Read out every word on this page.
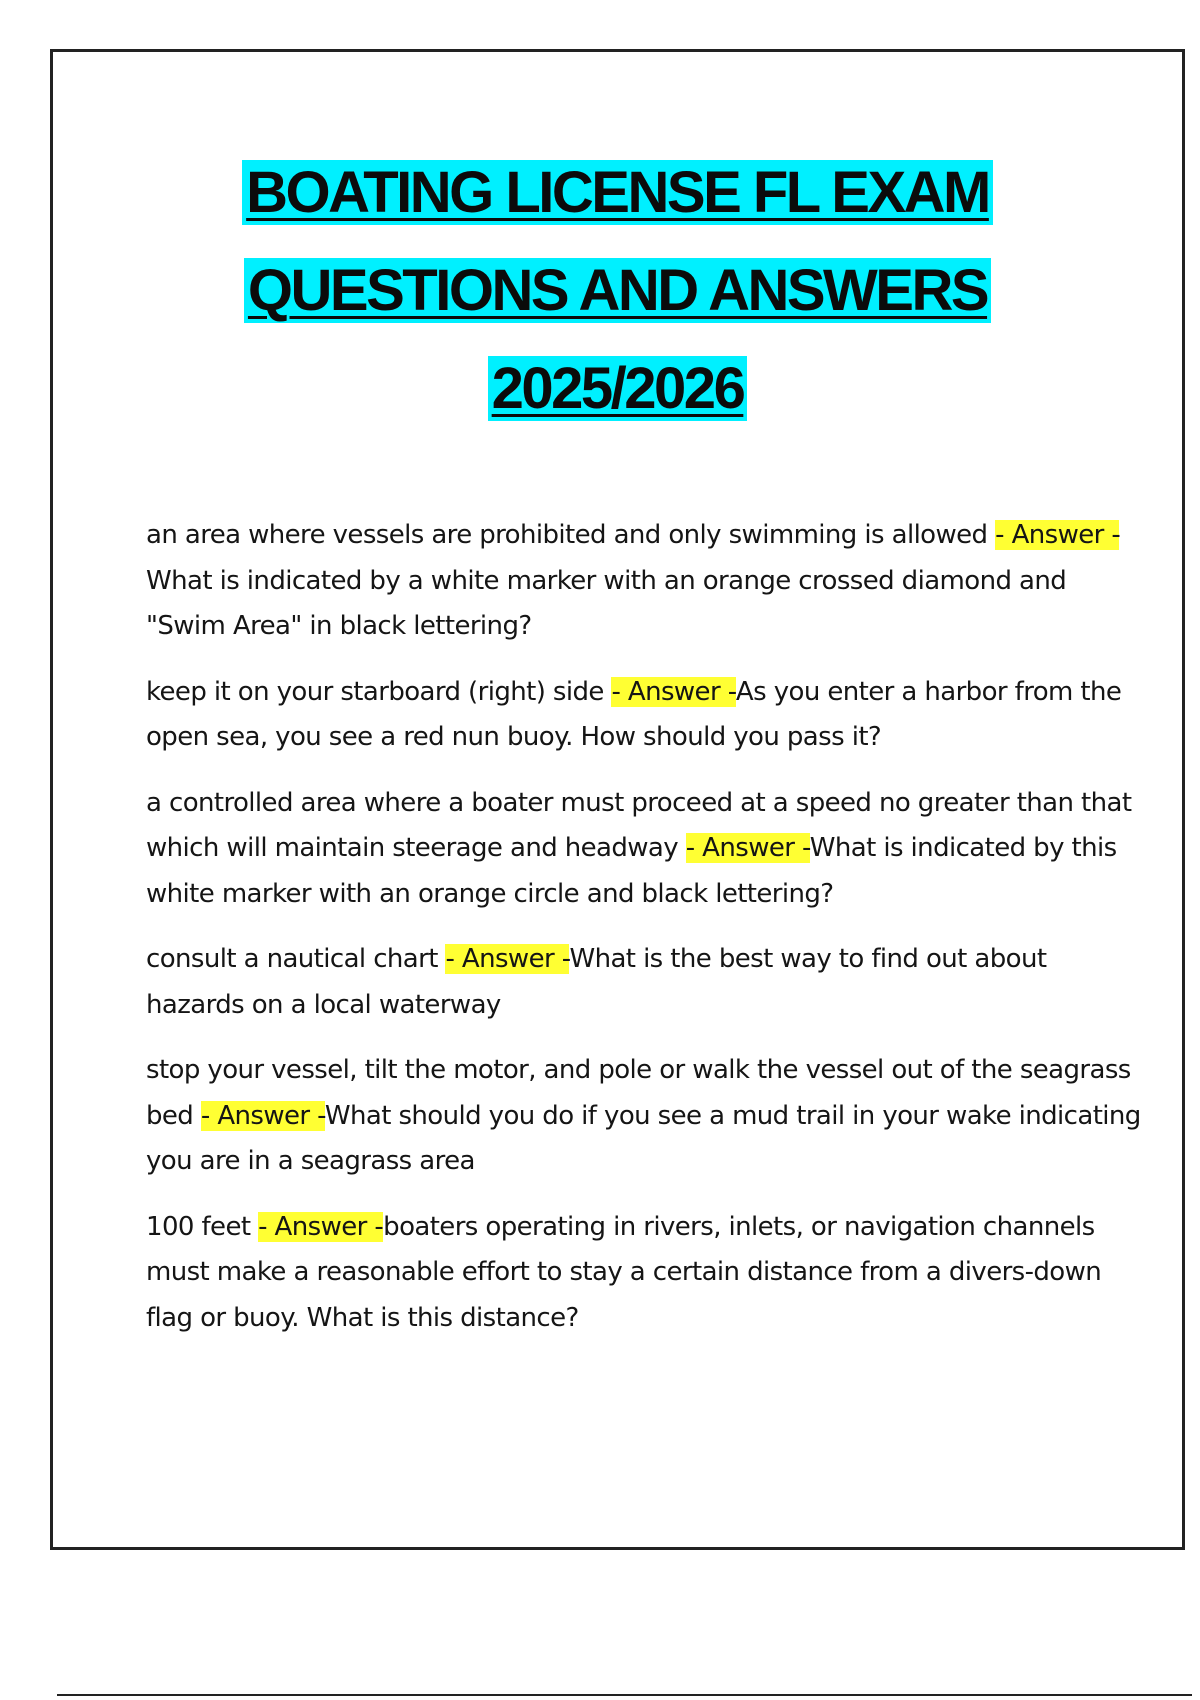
BOATING LICENSE FL EXAM
QUESTIONS AND ANSWERS
2025/2026

an area where vessels are prohibited and only swimming is allowed - Answer -What is indicated by a white marker with an orange crossed diamond and "Swim Area" in black lettering?

keep it on your starboard (right) side - Answer -As you enter a harbor from the open sea, you see a red nun buoy. How should you pass it?

a controlled area where a boater must proceed at a speed no greater than that which will maintain steerage and headway - Answer -What is indicated by this white marker with an orange circle and black lettering?

consult a nautical chart - Answer -What is the best way to find out about hazards on a local waterway

stop your vessel, tilt the motor, and pole or walk the vessel out of the seagrass bed - Answer -What should you do if you see a mud trail in your wake indicating you are in a seagrass area

100 feet - Answer -boaters operating in rivers, inlets, or navigation channels must make a reasonable effort to stay a certain distance from a divers-down flag or buoy. What is this distance?
